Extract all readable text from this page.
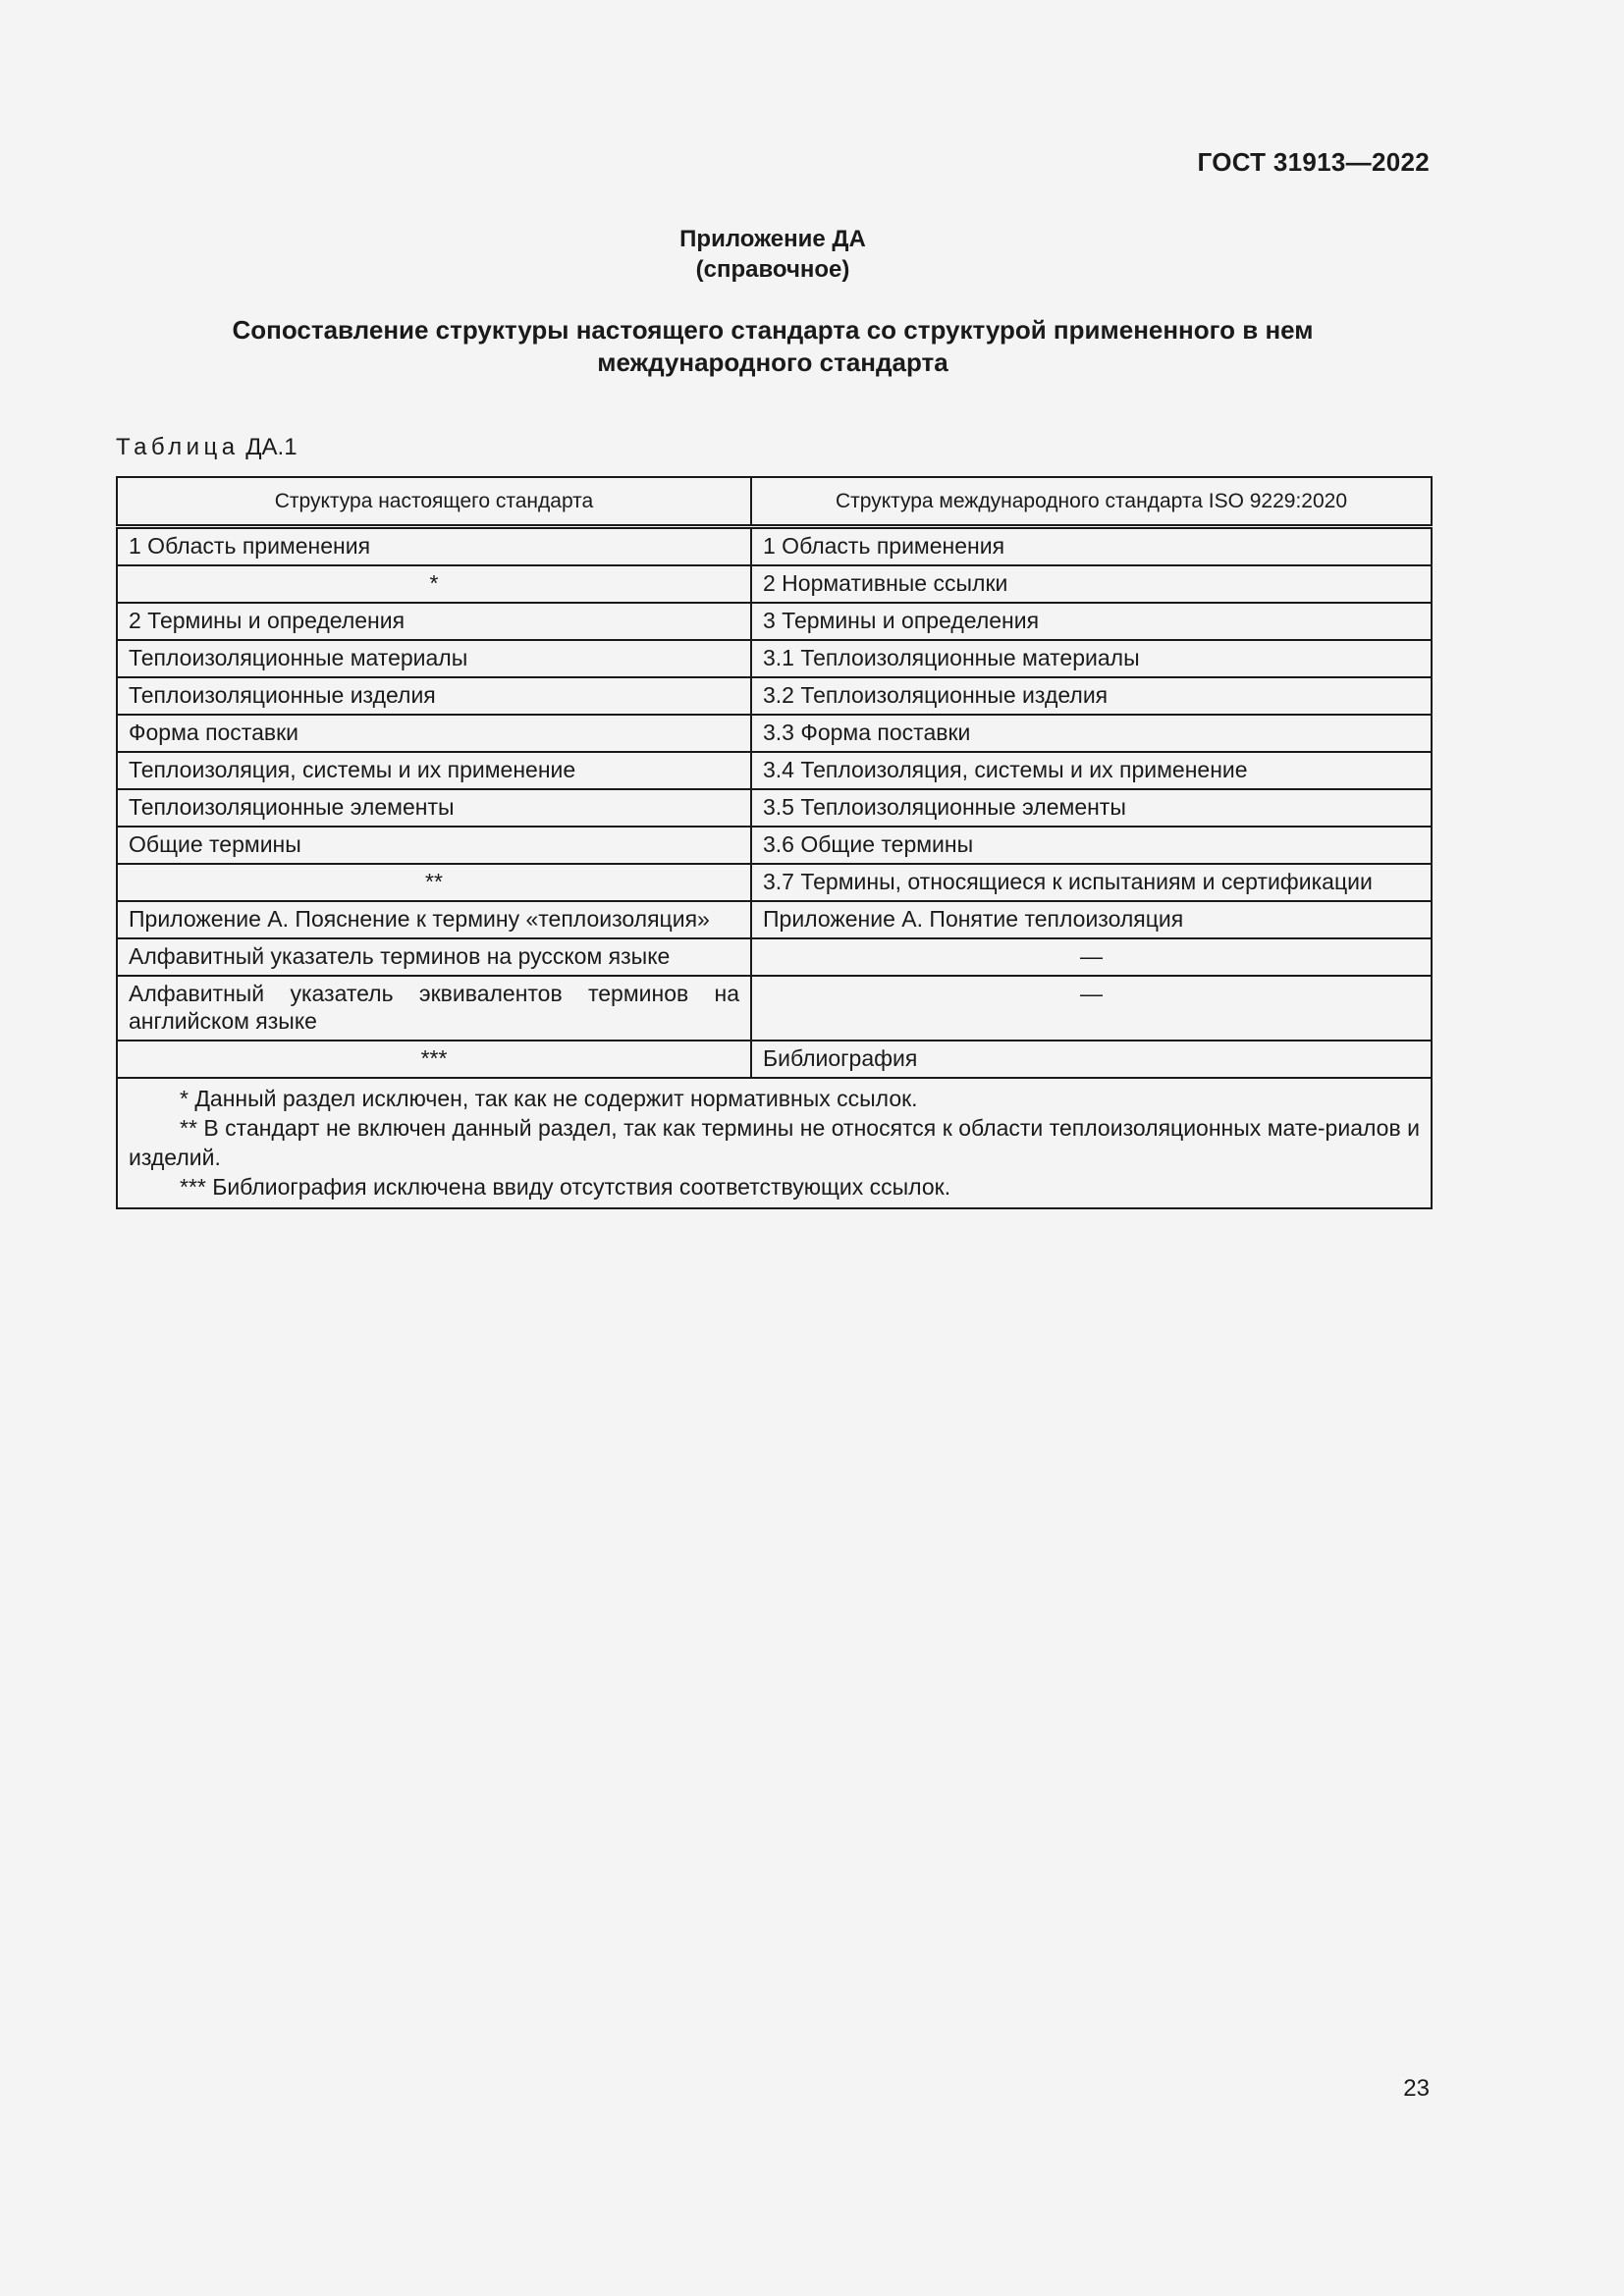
ГОСТ 31913—2022
Приложение ДА
(справочное)
Сопоставление структуры настоящего стандарта со структурой примененного в нем
международного стандарта
Таблица ДА.1
Структура настоящего стандарта	Структура международного стандарта ISO 9229:2020
1 Область применения	1 Область применения
*	2 Нормативные ссылки
2 Термины и определения	3 Термины и определения
Теплоизоляционные материалы	3.1 Теплоизоляционные материалы
Теплоизоляционные изделия	3.2 Теплоизоляционные изделия
Форма поставки	3.3 Форма поставки
Теплоизоляция, системы и их применение	3.4 Теплоизоляция, системы и их применение
Теплоизоляционные элементы	3.5 Теплоизоляционные элементы
Общие термины	3.6 Общие термины
**	3.7 Термины, относящиеся к испытаниям и сертификации
Приложение А. Пояснение к термину «теплоизоляция»	Приложение А. Понятие теплоизоляция
Алфавитный указатель терминов на русском языке	—
Алфавитный указатель эквивалентов терминов на английском языке	—
***	Библиография

* Данный раздел исключен, так как не содержит нормативных ссылок.
** В стандарт не включен данный раздел, так как термины не относятся к области теплоизоляционных мате-риалов и изделий.
*** Библиография исключена ввиду отсутствия соответствующих ссылок.	
23
